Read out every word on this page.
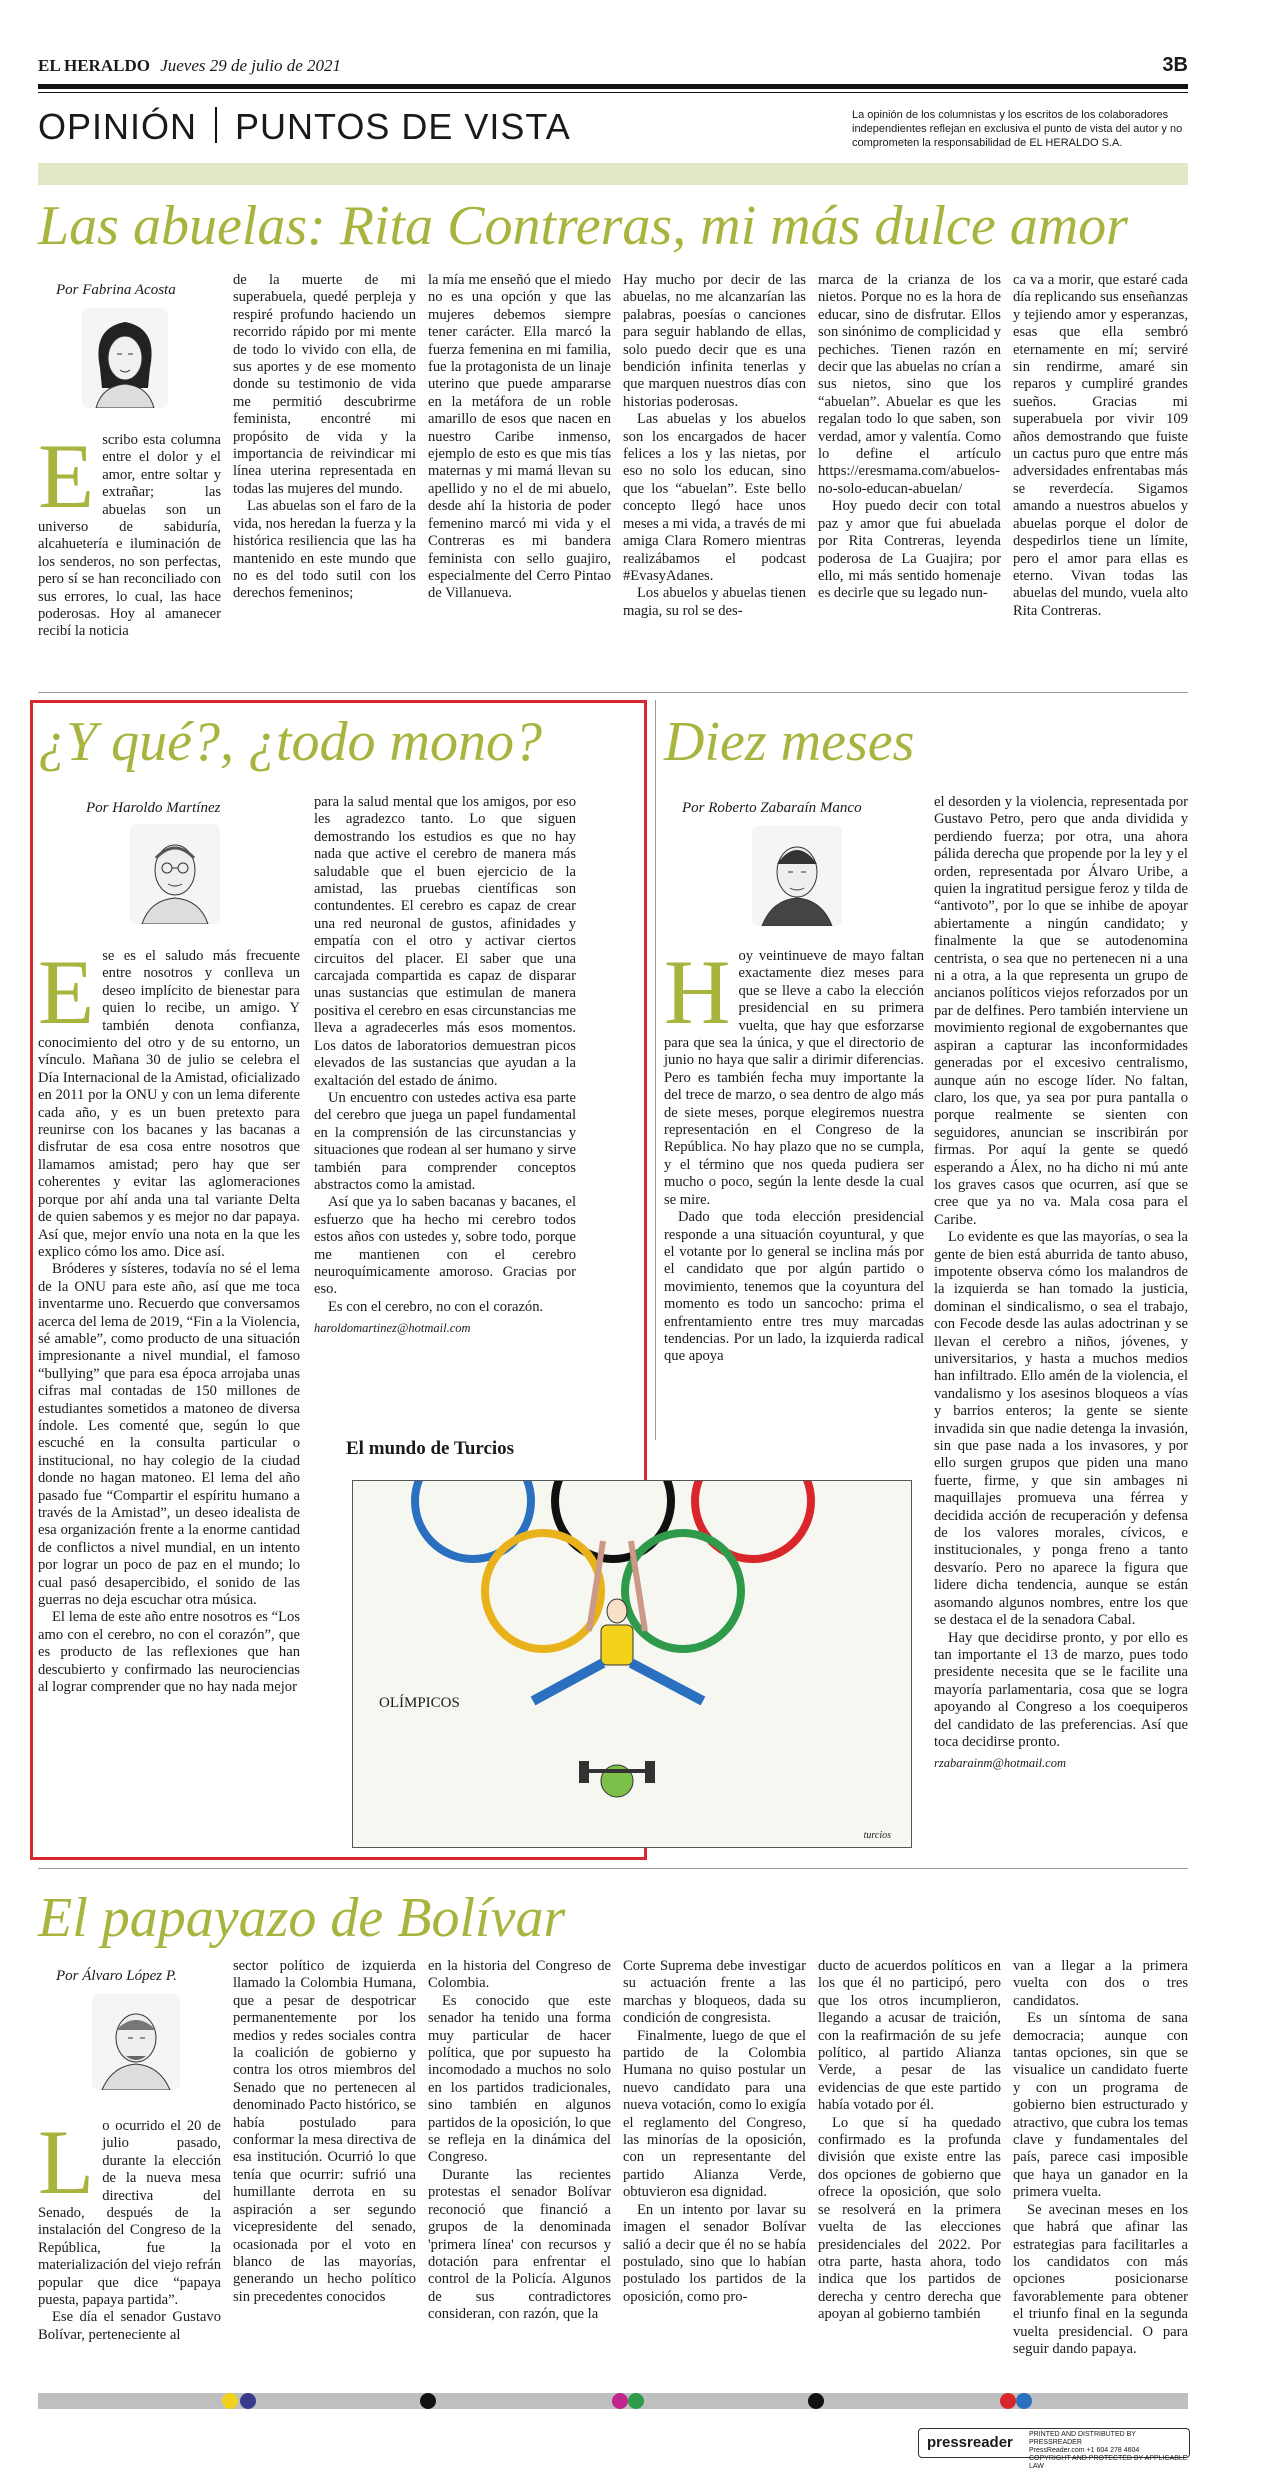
EL HERALDO Jueves 29 de julio de 2021	3B
OPINIÓN PUNTOS DE VISTA	La opinión de los columnistas y los escritos de los colaboradores independientes reflejan en exclusiva el punto de vista del autor y no comprometen la responsabilidad de EL HERALDO S.A.
Las abuelas: Rita Contreras, mi más dulce amor
Por Fabrina Acosta
E scribo esta columna entre el dolor y el amor, entre soltar y extrañar; las abuelas son un universo de sabiduría, alcahuetería e iluminación de los senderos, no son perfectas, pero sí se han reconciliado con sus errores, lo cual, las hace poderosas. Hoy al amanecer recibí la noticia

de la muerte de mi superabuela, quedé perpleja y respiré profundo haciendo un recorrido rápido por mi mente de todo lo vivido con ella, de sus aportes y de ese momento donde su testimonio de vida me permitió descubrirme feminista, encontré mi propósito de vida y la importancia de reivindicar mi línea uterina representada en todas las mujeres del mundo.

Las abuelas son el faro de la vida, nos heredan la fuerza y la histórica resiliencia que las ha mantenido en este mundo que no es del todo sutil con los derechos femeninos;

la mía me enseñó que el miedo no es una opción y que las mujeres debemos siempre tener carácter. Ella marcó la fuerza femenina en mi familia, fue la protagonista de un linaje uterino que puede ampararse en la metáfora de un roble amarillo de esos que nacen en nuestro Caribe inmenso, ejemplo de esto es que mis tías maternas y mi mamá llevan su apellido y no el de mi abuelo, desde ahí la historia de poder femenino marcó mi vida y el Contreras es mi bandera feminista con sello guajiro, especialmente del Cerro Pintao de Villanueva.

Hay mucho por decir de las abuelas, no me alcanzarían las palabras, poesías o canciones para seguir hablando de ellas, solo puedo decir que es una bendición infinita tenerlas y que marquen nuestros días con historias poderosas.

Las abuelas y los abuelos son los encargados de hacer felices a los y las nietas, por eso no solo los educan, sino que los “abuelan”. Este bello concepto llegó hace unos meses a mi vida, a través de mi amiga Clara Romero mientras realizábamos el podcast #EvasyAdanes.

Los abuelos y abuelas tienen magia, su rol se des-

marca de la crianza de los nietos. Porque no es la hora de educar, sino de disfrutar. Ellos son sinónimo de complicidad y pechiches. Tienen razón en decir que las abuelas no crían a sus nietos, sino que los “abuelan”. Abuelar es que les regalan todo lo que saben, son verdad, amor y valentía. Como lo define el artículo https://eresmama.com/abuelos-no-solo-educan-abuelan/

Hoy puedo decir con total paz y amor que fui abuelada por Rita Contreras, leyenda poderosa de La Guajira; por ello, mi más sentido homenaje es decirle que su legado nun-

ca va a morir, que estaré cada día replicando sus enseñanzas y tejiendo amor y esperanzas, esas que ella sembró eternamente en mí; serviré sin rendirme, amaré sin reparos y cumpliré grandes sueños. Gracias mi superabuela por vivir 109 años demostrando que fuiste un cactus puro que entre más adversidades enfrentabas más se reverdecía. Sigamos amando a nuestros abuelos y abuelas porque el dolor de despedirlos tiene un límite, pero el amor para ellas es eterno. Vivan todas las abuelas del mundo, vuela alto Rita Contreras.

¿Y qué?, ¿todo mono?
Por Haroldo Martínez
E se es el saludo más frecuente entre nosotros y conlleva un deseo implícito de bienestar para quien lo recibe, un amigo. Y también denota confianza, conocimiento del otro y de su entorno, un vínculo. Mañana 30 de julio se celebra el Día Internacional de la Amistad, oficializado en 2011 por la ONU y con un lema diferente cada año, y es un buen pretexto para reunirse con los bacanes y las bacanas a disfrutar de esa cosa entre nosotros que llamamos amistad; pero hay que ser coherentes y evitar las aglomeraciones porque por ahí anda una tal variante Delta de quien sabemos y es mejor no dar papaya. Así que, mejor envío una nota en la que les explico cómo los amo. Dice así.

Bróderes y sísteres, todavía no sé el lema de la ONU para este año, así que me toca inventarme uno. Recuerdo que conversamos acerca del lema de 2019, “Fin a la Violencia, sé amable”, como producto de una situación impresionante a nivel mundial, el famoso “bullying” que para esa época arrojaba unas cifras mal contadas de 150 millones de estudiantes sometidos a matoneo de diversa índole. Les comenté que, según lo que escuché en la consulta particular o institucional, no hay colegio de la ciudad donde no hagan matoneo. El lema del año pasado fue “Compartir el espíritu humano a través de la Amistad”, un deseo idealista de esa organización frente a la enorme cantidad de conflictos a nivel mundial, en un intento por lograr un poco de paz en el mundo; lo cual pasó desapercibido, el sonido de las guerras no deja escuchar otra música.

El lema de este año entre nosotros es “Los amo con el cerebro, no con el corazón”, que es producto de las reflexiones que han descubierto y confirmado las neurociencias al lograr comprender que no hay nada mejor

para la salud mental que los amigos, por eso les agradezco tanto. Lo que siguen demostrando los estudios es que no hay nada que active el cerebro de manera más saludable que el buen ejercicio de la amistad, las pruebas científicas son contundentes. El cerebro es capaz de crear una red neuronal de gustos, afinidades y empatía con el otro y activar ciertos circuitos del placer. El saber que una carcajada compartida es capaz de disparar unas sustancias que estimulan de manera positiva el cerebro en esas circunstancias me lleva a agradecerles más esos momentos. Los datos de laboratorios demuestran picos elevados de las sustancias que ayudan a la exaltación del estado de ánimo.

Un encuentro con ustedes activa esa parte del cerebro que juega un papel fundamental en la comprensión de las circunstancias y situaciones que rodean al ser humano y sirve también para comprender conceptos abstractos como la amistad.

Así que ya lo saben bacanas y bacanes, el esfuerzo que ha hecho mi cerebro todos estos años con ustedes y, sobre todo, porque me mantienen con el cerebro neuroquímicamente amoroso. Gracias por eso.

Es con el cerebro, no con el corazón.

haroldomartinez@hotmail.com
El mundo de Turcios
OLÍMPICOS
turcios
Diez meses
Por Roberto Zabaraín Manco
H oy veintinueve de mayo faltan exactamente diez meses para que se lleve a cabo la elección presidencial en su primera vuelta, que hay que esforzarse para que sea la única, y que el directorio de junio no haya que salir a dirimir diferencias. Pero es también fecha muy importante la del trece de marzo, o sea dentro de algo más de siete meses, porque elegiremos nuestra representación en el Congreso de la República. No hay plazo que no se cumpla, y el término que nos queda pudiera ser mucho o poco, según la lente desde la cual se mire.

Dado que toda elección presidencial responde a una situación coyuntural, y que el votante por lo general se inclina más por el candidato que por algún partido o movimiento, tenemos que la coyuntura del momento es todo un sancocho: prima el enfrentamiento entre tres muy marcadas tendencias. Por un lado, la izquierda radical que apoya

el desorden y la violencia, representada por Gustavo Petro, pero que anda dividida y perdiendo fuerza; por otra, una ahora pálida derecha que propende por la ley y el orden, representada por Álvaro Uribe, a quien la ingratitud persigue feroz y tilda de “antivoto”, por lo que se inhibe de apoyar abiertamente a ningún candidato; y finalmente la que se autodenomina centrista, o sea que no pertenecen ni a una ni a otra, a la que representa un grupo de ancianos políticos viejos reforzados por un par de delfines. Pero también interviene un movimiento regional de exgobernantes que aspiran a capturar las inconformidades generadas por el excesivo centralismo, aunque aún no escoge líder. No faltan, claro, los que, ya sea por pura pantalla o porque realmente se sienten con seguidores, anuncian se inscribirán por firmas. Por aquí la gente se quedó esperando a Álex, no ha dicho ni mú ante los graves casos que ocurren, así que se cree que ya no va. Mala cosa para el Caribe.

Lo evidente es que las mayorías, o sea la gente de bien está aburrida de tanto abuso, impotente observa cómo los malandros de la izquierda se han tomado la justicia, dominan el sindicalismo, o sea el trabajo, con Fecode desde las aulas adoctrinan y se llevan el cerebro a niños, jóvenes, y universitarios, y hasta a muchos medios han infiltrado. Ello amén de la violencia, el vandalismo y los asesinos bloqueos a vías y barrios enteros; la gente se siente invadida sin que nadie detenga la invasión, sin que pase nada a los invasores, y por ello surgen grupos que piden una mano fuerte, firme, y que sin ambages ni maquillajes promueva una férrea y decidida acción de recuperación y defensa de los valores morales, cívicos, e institucionales, y ponga freno a tanto desvarío. Pero no aparece la figura que lidere dicha tendencia, aunque se están asomando algunos nombres, entre los que se destaca el de la senadora Cabal.

Hay que decidirse pronto, y por ello es tan importante el 13 de marzo, pues todo presidente necesita que se le facilite una mayoría parlamentaria, cosa que se logra apoyando al Congreso a los coequiperos del candidato de las preferencias. Así que toca decidirse pronto.

rzabarainm@hotmail.com
El papayazo de Bolívar
Por Álvaro López P.
L o ocurrido el 20 de julio pasado, durante la elección de la nueva mesa directiva del Senado, después de la instalación del Congreso de la República, fue la materialización del viejo refrán popular que dice “papaya puesta, papaya partida”.

Ese día el senador Gustavo Bolívar, perteneciente al

sector político de izquierda llamado la Colombia Humana, que a pesar de despotricar permanentemente por los medios y redes sociales contra la coalición de gobierno y contra los otros miembros del Senado que no pertenecen al denominado Pacto histórico, se había postulado para conformar la mesa directiva de esa institución. Ocurrió lo que tenía que ocurrir: sufrió una humillante derrota en su aspiración a ser segundo vicepresidente del senado, ocasionada por el voto en blanco de las mayorías, generando un hecho político sin precedentes conocidos

en la historia del Congreso de Colombia.

Es conocido que este senador ha tenido una forma muy particular de hacer política, que por supuesto ha incomodado a muchos no solo en los partidos tradicionales, sino también en algunos partidos de la oposición, lo que se refleja en la dinámica del Congreso.

Durante las recientes protestas el senador Bolívar reconoció que financió a grupos de la denominada 'primera línea' con recursos y dotación para enfrentar el control de la Policía. Algunos de sus contradictores consideran, con razón, que la

Corte Suprema debe investigar su actuación frente a las marchas y bloqueos, dada su condición de congresista.

Finalmente, luego de que el partido de la Colombia Humana no quiso postular un nuevo candidato para una nueva votación, como lo exigía el reglamento del Congreso, las minorías de la oposición, con un representante del partido Alianza Verde, obtuvieron esa dignidad.

En un intento por lavar su imagen el senador Bolívar salió a decir que él no se había postulado, sino que lo habían postulado los partidos de la oposición, como pro-

ducto de acuerdos políticos en los que él no participó, pero que los otros incumplieron, llegando a acusar de traición, con la reafirmación de su jefe político, al partido Alianza Verde, a pesar de las evidencias de que este partido había votado por él.

Lo que sí ha quedado confirmado es la profunda división que existe entre las dos opciones de gobierno que ofrece la oposición, que solo se resolverá en la primera vuelta de las elecciones presidenciales del 2022. Por otra parte, hasta ahora, todo indica que los partidos de derecha y centro derecha que apoyan al gobierno también

van a llegar a la primera vuelta con dos o tres candidatos.

Es un síntoma de sana democracia; aunque con tantas opciones, sin que se visualice un candidato fuerte y con un programa de gobierno bien estructurado y atractivo, que cubra los temas clave y fundamentales del país, parece casi imposible que haya un ganador en la primera vuelta.

Se avecinan meses en los que habrá que afinar las estrategias para facilitarles a los candidatos con más opciones posicionarse favorablemente para obtener el triunfo final en la segunda vuelta presidencial. O para seguir dando papaya.

pressreader PRINTED AND DISTRIBUTED BY PRESSREADER
PressReader.com +1 604 278 4604
COPYRIGHT AND PROTECTED BY APPLICABLE LAW
